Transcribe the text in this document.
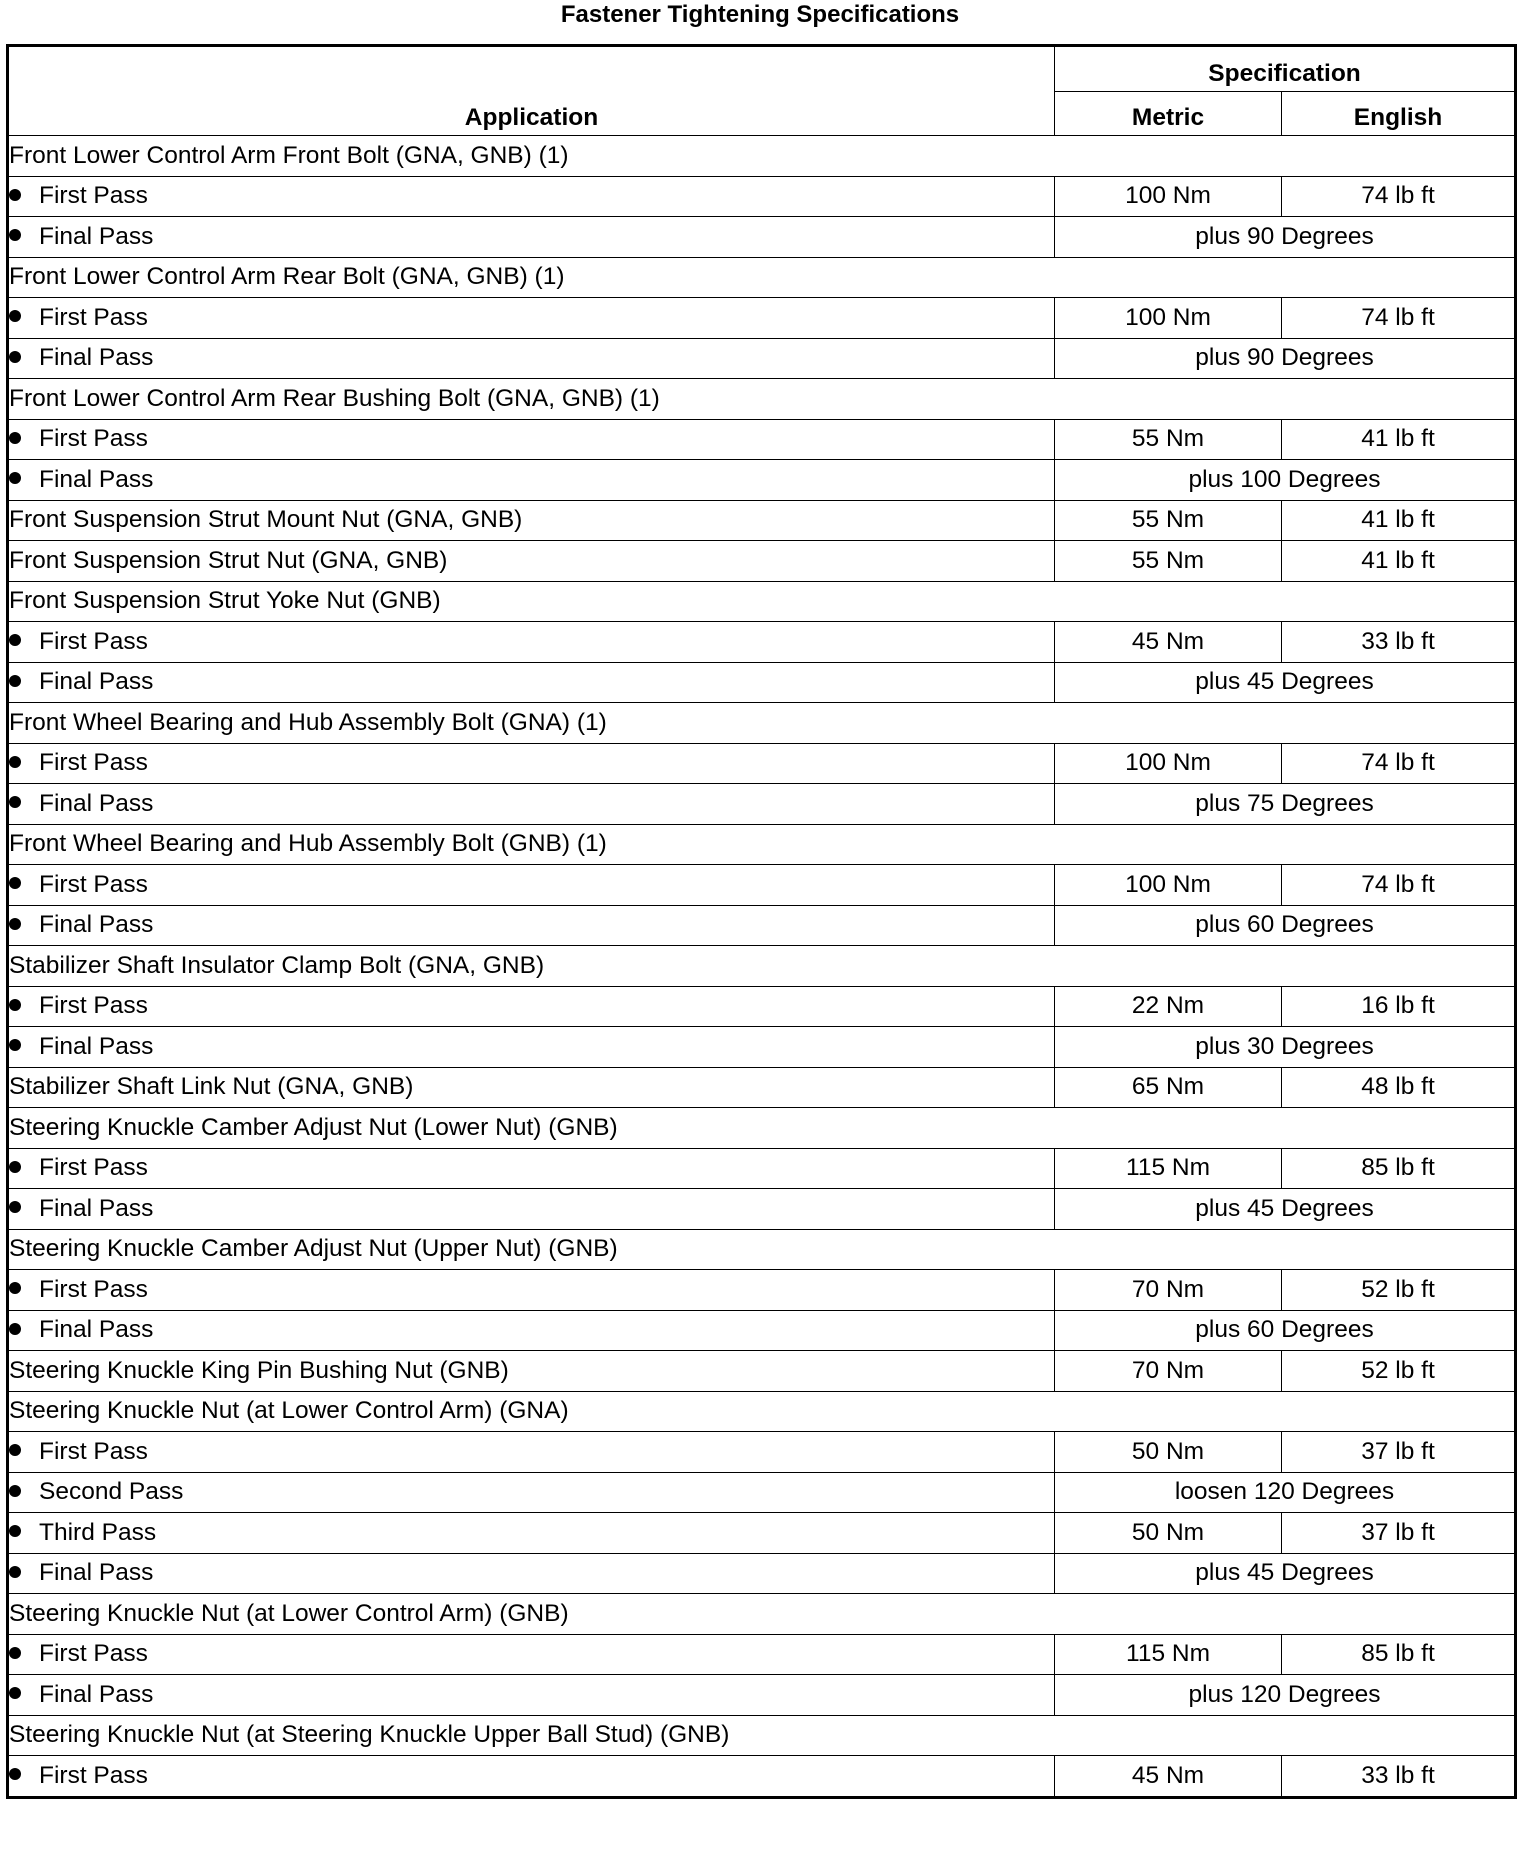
Fastener Tightening Specifications
Application	Specification	
	Metric	English
Front Lower Control Arm Front Bolt (GNA, GNB) (1)		
First Pass	100 Nm	74 lb ft
Final Pass	plus 90 Degrees	
Front Lower Control Arm Rear Bolt (GNA, GNB) (1)		
First Pass	100 Nm	74 lb ft
Final Pass	plus 90 Degrees	
Front Lower Control Arm Rear Bushing Bolt (GNA, GNB) (1)		
First Pass	55 Nm	41 lb ft
Final Pass	plus 100 Degrees	
Front Suspension Strut Mount Nut (GNA, GNB)	55 Nm	41 lb ft
Front Suspension Strut Nut (GNA, GNB)	55 Nm	41 lb ft
Front Suspension Strut Yoke Nut (GNB)		
First Pass	45 Nm	33 lb ft
Final Pass	plus 45 Degrees	
Front Wheel Bearing and Hub Assembly Bolt (GNA) (1)		
First Pass	100 Nm	74 lb ft
Final Pass	plus 75 Degrees	
Front Wheel Bearing and Hub Assembly Bolt (GNB) (1)		
First Pass	100 Nm	74 lb ft
Final Pass	plus 60 Degrees	
Stabilizer Shaft Insulator Clamp Bolt (GNA, GNB)		
First Pass	22 Nm	16 lb ft
Final Pass	plus 30 Degrees	
Stabilizer Shaft Link Nut (GNA, GNB)	65 Nm	48 lb ft
Steering Knuckle Camber Adjust Nut (Lower Nut) (GNB)		
First Pass	115 Nm	85 lb ft
Final Pass	plus 45 Degrees	
Steering Knuckle Camber Adjust Nut (Upper Nut) (GNB)		
First Pass	70 Nm	52 lb ft
Final Pass	plus 60 Degrees	
Steering Knuckle King Pin Bushing Nut (GNB)	70 Nm	52 lb ft
Steering Knuckle Nut (at Lower Control Arm) (GNA)		
First Pass	50 Nm	37 lb ft
Second Pass	loosen 120 Degrees	
Third Pass	50 Nm	37 lb ft
Final Pass	plus 45 Degrees	
Steering Knuckle Nut (at Lower Control Arm) (GNB)		
First Pass	115 Nm	85 lb ft
Final Pass	plus 120 Degrees	
Steering Knuckle Nut (at Steering Knuckle Upper Ball Stud) (GNB)		
First Pass	45 Nm	33 lb ft
